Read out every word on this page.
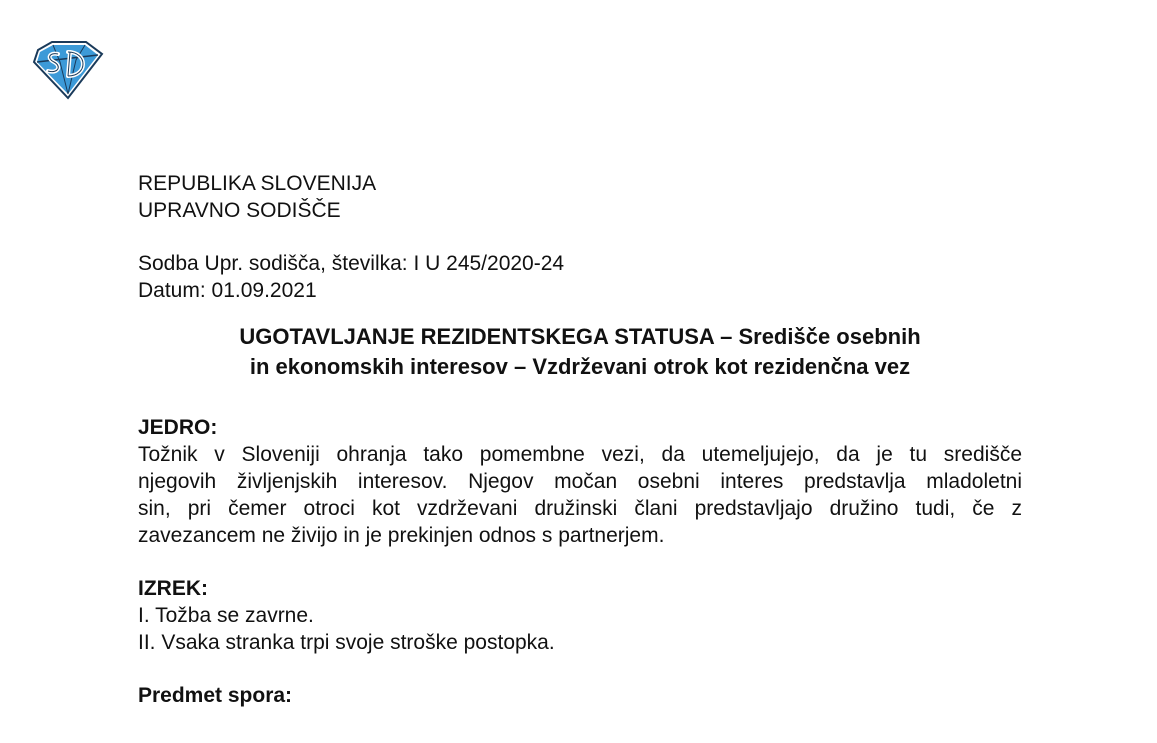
REPUBLIKA SLOVENIJA
UPRAVNO SODIŠČE
Sodba Upr. sodišča, številka: I U 245/2020-24
Datum: 01.09.2021
UGOTAVLJANJE REZIDENTSKEGA STATUSA – Središče osebnih
in ekonomskih interesov – Vzdrževani otrok kot rezidenčna vez
JEDRO:
Tožnik v Sloveniji ohranja tako pomembne vezi, da utemeljujejo, da je tu središče
njegovih življenjskih interesov. Njegov močan osebni interes predstavlja mladoletni
sin, pri čemer otroci kot vzdrževani družinski člani predstavljajo družino tudi, če z
zavezancem ne živijo in je prekinjen odnos s partnerjem.
IZREK:
I. Tožba se zavrne.
II. Vsaka stranka trpi svoje stroške postopka.
Predmet spora:
